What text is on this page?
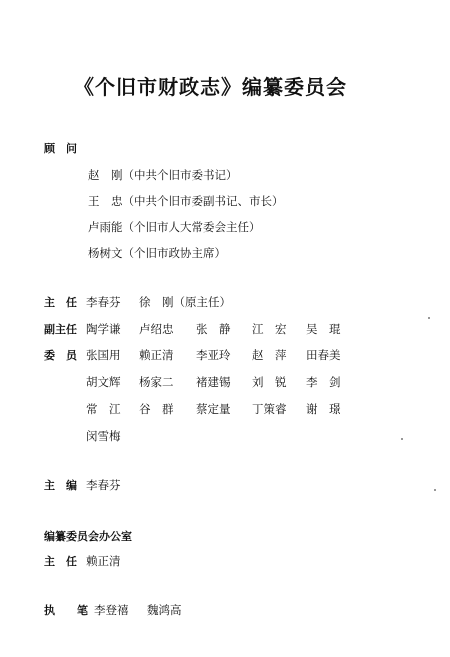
《个旧市财政志》编纂委员会
顾　问
赵　刚（中共个旧市委书记）
王　忠（中共个旧市委副书记、市长）
卢雨能（个旧市人大常委会主任）
杨树文（个旧市政协主席）
主　任 李春芬 徐　刚（原主任）
副主任 陶学谦 卢绍忠 张　静 江　宏 吴　琨
委　员 张国用 赖正清 李亚玲 赵　萍 田春美
胡文辉 杨家二 褚建锡 刘　锐 李　剑
常　江 谷　群 蔡定量 丁策睿 谢　璟
闵雪梅
主　编 李春芬
编纂委员会办公室
主　任 赖正清
执　　笔 李登禧 魏鸿高
